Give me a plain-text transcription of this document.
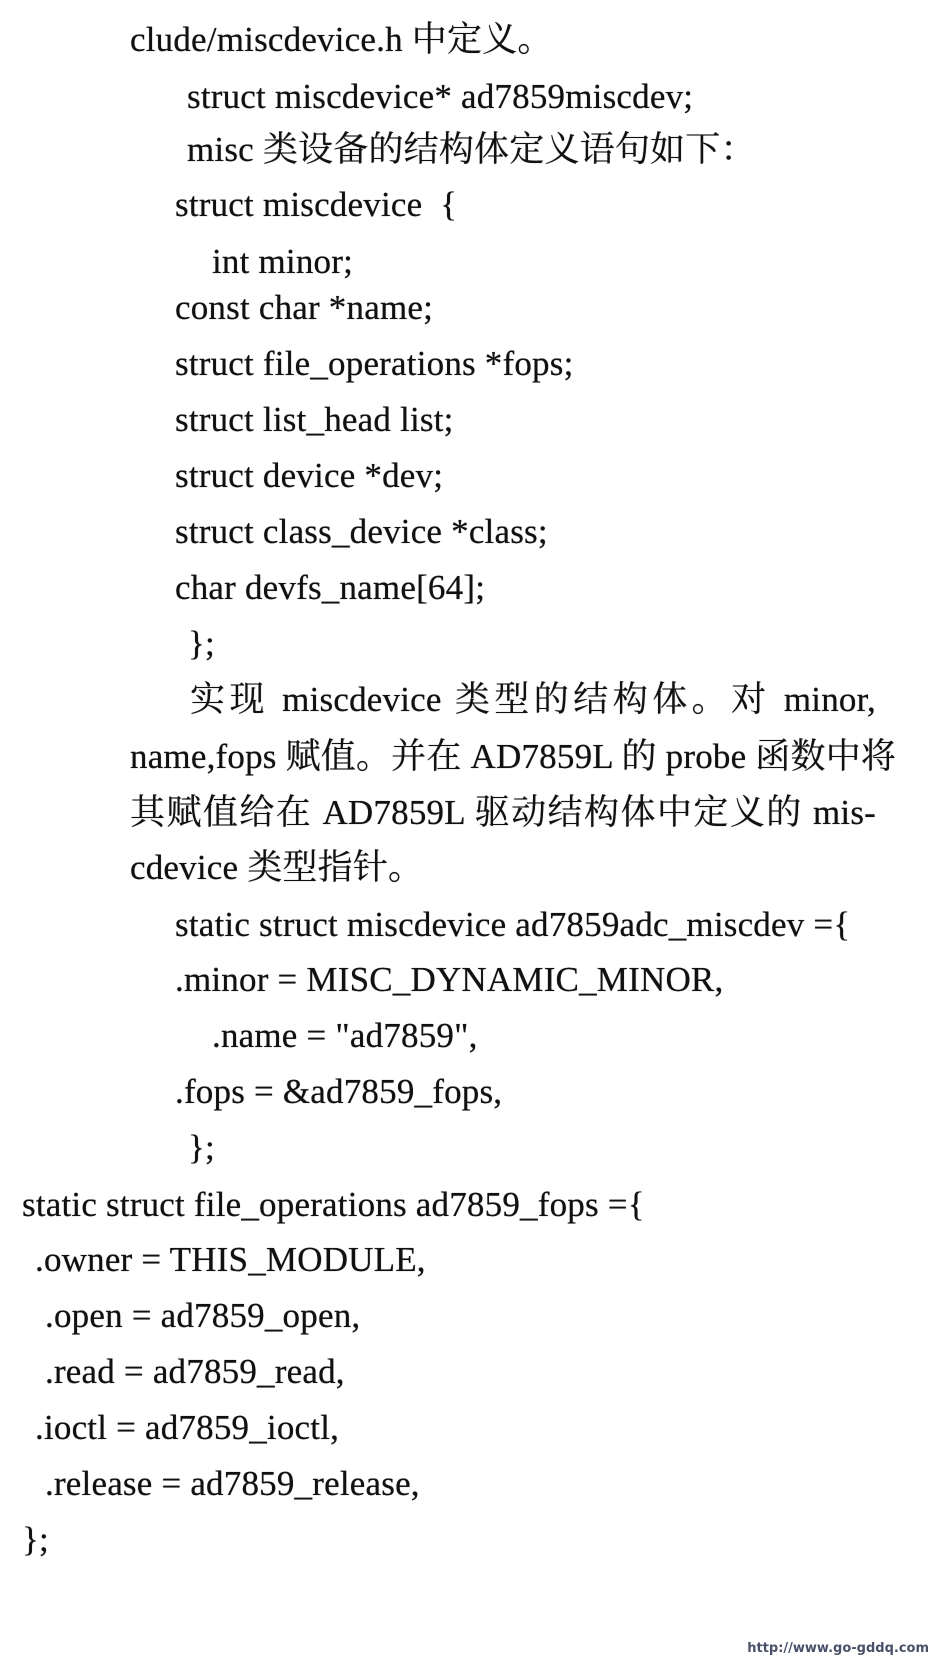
clude/miscdevice.h 中定义。
struct miscdevice* ad7859miscdev;
misc 类设备的结构体定义语句如下：
struct miscdevice  {
int minor;
const char *name;
struct file_operations *fops;
struct list_head list;
struct device *dev;
struct class_device *class;
char devfs_name[64];
};
实现 miscdevice 类型的结构体。对 minor,
name,fops 赋值。并在 AD7859L 的 probe 函数中将
其赋值给在 AD7859L 驱动结构体中定义的 mis-
cdevice 类型指针。
static struct miscdevice ad7859adc_miscdev ={
.minor = MISC_DYNAMIC_MINOR,
.name = "ad7859",
.fops = &ad7859_fops,
};
static struct file_operations ad7859_fops ={
.owner = THIS_MODULE,
.open = ad7859_open,
.read = ad7859_read,
.ioctl = ad7859_ioctl,
.release = ad7859_release,
};
http://www.go-gddq.com
